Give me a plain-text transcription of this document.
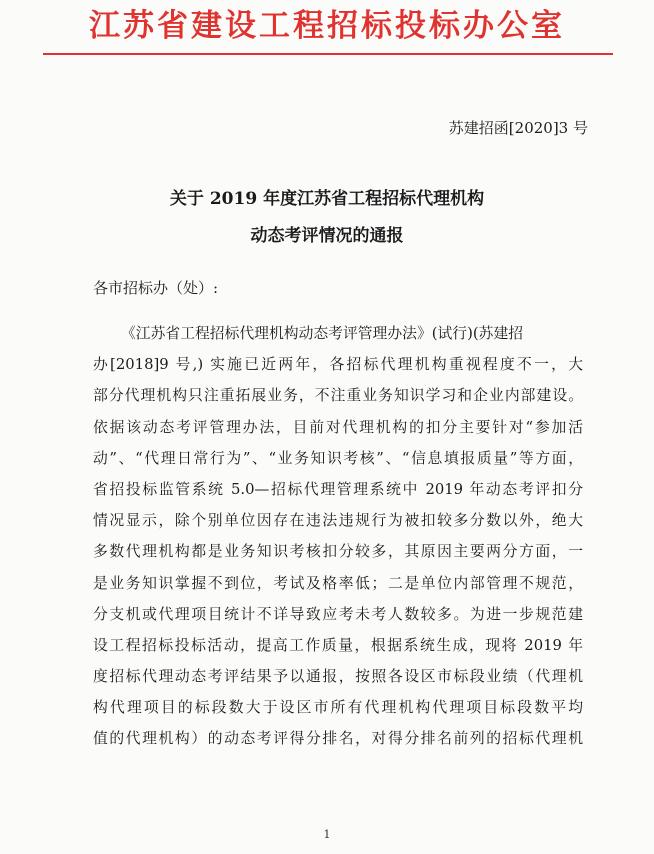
江苏省建设工程招标投标办公室
苏建招函[2020]3 号
关于 2019 年度江苏省工程招标代理机构
动态考评情况的通报
各市招标办（处）:
《江苏省工程招标代理机构动态考评管理办法》(试行)(苏建招
办[2018]9 号,) 实施已近两年，各招标代理机构重视程度不一，大
部分代理机构只注重拓展业务，不注重业务知识学习和企业内部建设。
依据该动态考评管理办法，目前对代理机构的扣分主要针对“参加活
动”、“代理日常行为”、“业务知识考核”、“信息填报质量”等方面，
省招投标监管系统 5.0—招标代理管理系统中 2019 年动态考评扣分
情况显示，除个别单位因存在违法违规行为被扣较多分数以外，绝大
多数代理机构都是业务知识考核扣分较多，其原因主要两分方面，一
是业务知识掌握不到位，考试及格率低；二是单位内部管理不规范，
分支机或代理项目统计不详导致应考未考人数较多。为进一步规范建
设工程招标投标活动，提高工作质量，根据系统生成，现将 2019 年
度招标代理动态考评结果予以通报，按照各设区市标段业绩（代理机
构代理项目的标段数大于设区市所有代理机构代理项目标段数平均
值的代理机构）的动态考评得分排名，对得分排名前列的招标代理机
1
